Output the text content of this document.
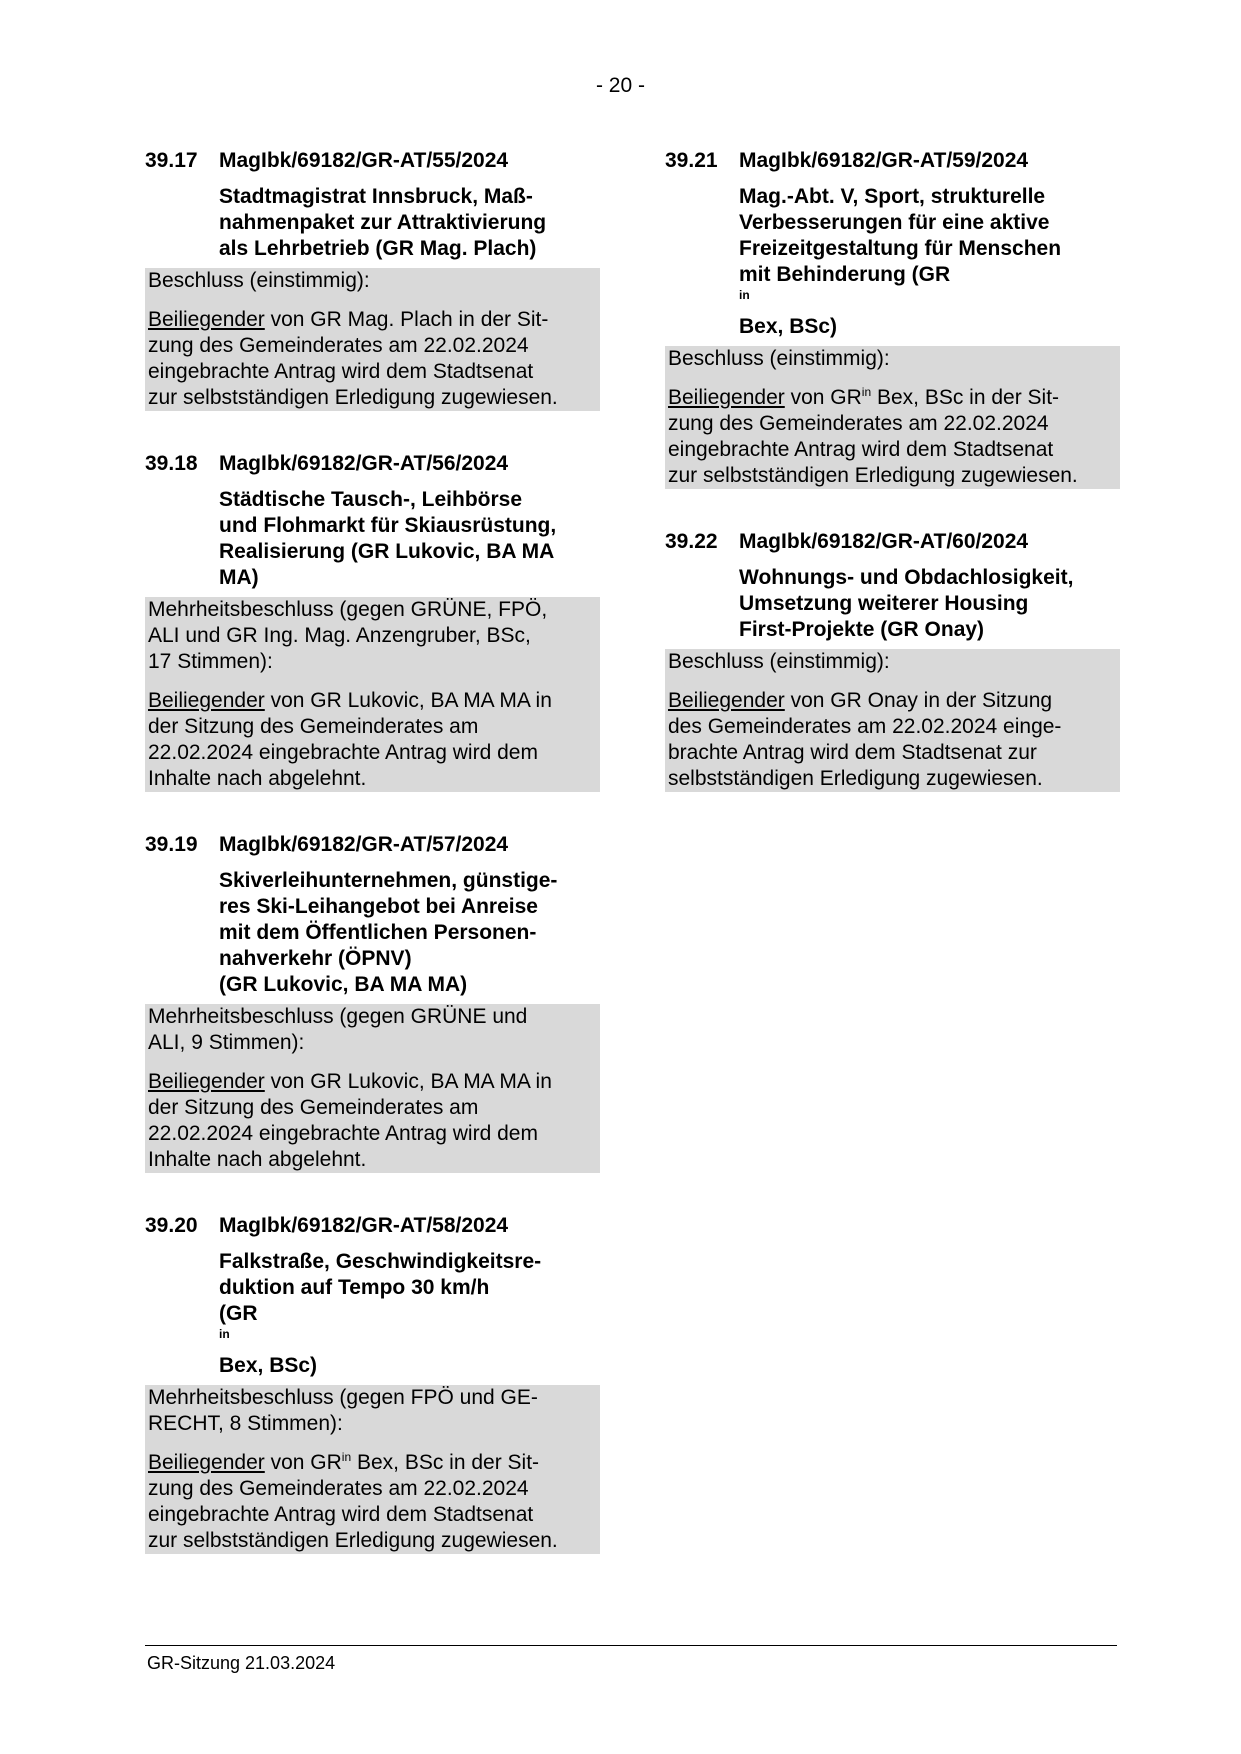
- 20 -
39.17	MagIbk/69182/GR-AT/55/2024
Stadtmagistrat Innsbruck, Maß-
nahmenpaket zur Attraktivierung
als Lehrbetrieb (GR Mag. Plach)
Beschluss (einstimmig):
Beiliegender von GR Mag. Plach in der Sit-
zung des Gemeinderates am 22.02.2024
eingebrachte Antrag wird dem Stadtsenat
zur selbstständigen Erledigung zugewiesen.
39.18	MagIbk/69182/GR-AT/56/2024
Städtische Tausch-, Leihbörse
und Flohmarkt für Skiausrüstung,
Realisierung (GR Lukovic, BA MA
MA)
Mehrheitsbeschluss (gegen GRÜNE, FPÖ,
ALI und GR Ing. Mag. Anzengruber, BSc,
17 Stimmen):
Beiliegender von GR Lukovic, BA MA MA in
der Sitzung des Gemeinderates am
22.02.2024 eingebrachte Antrag wird dem
Inhalte nach abgelehnt.
39.19	MagIbk/69182/GR-AT/57/2024
Skiverleihunternehmen, günstige-
res Ski-Leihangebot bei Anreise
mit dem Öffentlichen Personen-
nahverkehr (ÖPNV)
(GR Lukovic, BA MA MA)
Mehrheitsbeschluss (gegen GRÜNE und
ALI, 9 Stimmen):
Beiliegender von GR Lukovic, BA MA MA in
der Sitzung des Gemeinderates am
22.02.2024 eingebrachte Antrag wird dem
Inhalte nach abgelehnt.
39.20	MagIbk/69182/GR-AT/58/2024
Falkstraße, Geschwindigkeitsre-
duktion auf Tempo 30 km/h
(GR
$^{in}$
Bex, BSc)
Mehrheitsbeschluss (gegen FPÖ und GE-
RECHT, 8 Stimmen):
Beiliegender von $GR^{in}$ Bex, BSc in der Sit-
zung des Gemeinderates am 22.02.2024
eingebrachte Antrag wird dem Stadtsenat
zur selbstständigen Erledigung zugewiesen.
39.21	MagIbk/69182/GR-AT/59/2024
Mag.-Abt. V, Sport, strukturelle
Verbesserungen für eine aktive
Freizeitgestaltung für Menschen
mit Behinderung (GR
$^{in}$
Bex, BSc)
Beschluss (einstimmig):
Beiliegender von $GR^{in}$ Bex, BSc in der Sit-
zung des Gemeinderates am 22.02.2024
eingebrachte Antrag wird dem Stadtsenat
zur selbstständigen Erledigung zugewiesen.
39.22	MagIbk/69182/GR-AT/60/2024
Wohnungs- und Obdachlosigkeit,
Umsetzung weiterer Housing
First-Projekte (GR Onay)
Beschluss (einstimmig):
Beiliegender von GR Onay in der Sitzung
des Gemeinderates am 22.02.2024 einge-
brachte Antrag wird dem Stadtsenat zur
selbstständigen Erledigung zugewiesen.
GR-Sitzung 21.03.2024
